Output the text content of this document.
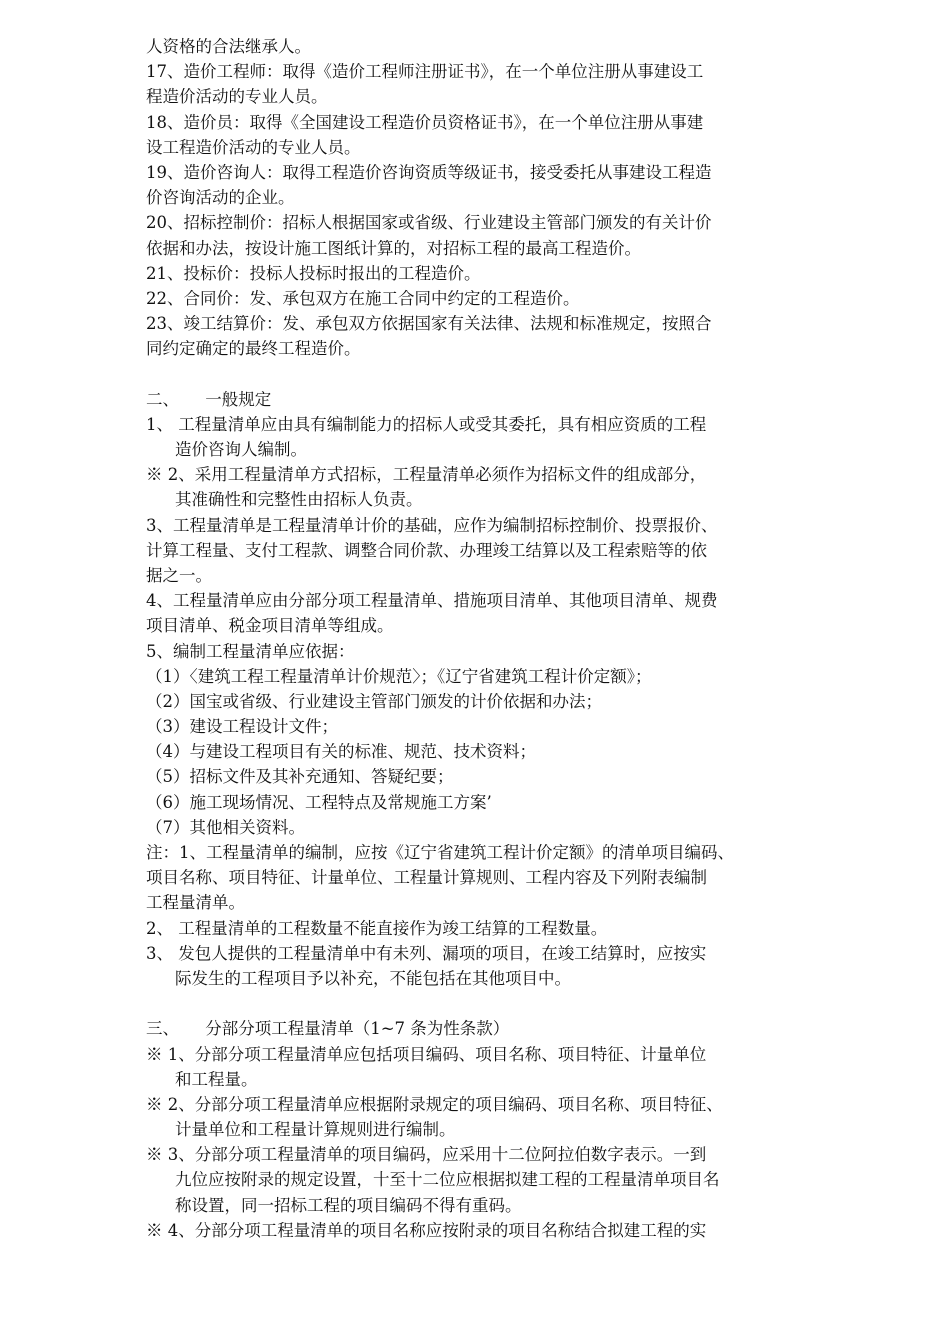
人资格的合法继承人。
17、造价工程师：取得《造价工程师注册证书》，在一个单位注册从事建设工
程造价活动的专业人员。
18、造价员：取得《全国建设工程造价员资格证书》，在一个单位注册从事建
设工程造价活动的专业人员。
19、造价咨询人：取得工程造价咨询资质等级证书，接受委托从事建设工程造
价咨询活动的企业。
20、招标控制价：招标人根据国家或省级、行业建设主管部门颁发的有关计价
依据和办法，按设计施工图纸计算的，对招标工程的最高工程造价。
21、投标价：投标人投标时报出的工程造价。
22、合同价：发、承包双方在施工合同中约定的工程造价。
23、竣工结算价：发、承包双方依据国家有关法律、法规和标准规定，按照合
同约定确定的最终工程造价。
二、     一般规定
1、 工程量清单应由具有编制能力的招标人或受其委托，具有相应资质的工程
造价咨询人编制。
※ 2、采用工程量清单方式招标，工程量清单必须作为招标文件的组成部分，
其准确性和完整性由招标人负责。
3、工程量清单是工程量清单计价的基础，应作为编制招标控制价、投票报价、
计算工程量、支付工程款、调整合同价款、办理竣工结算以及工程索赔等的依
据之一。
4、工程量清单应由分部分项工程量清单、措施项目清单、其他项目清单、规费
项目清单、税金项目清单等组成。
5、编制工程量清单应依据：
（1）〈建筑工程工程量清单计价规范〉；《辽宁省建筑工程计价定额》；
（2）国宝或省级、行业建设主管部门颁发的计价依据和办法；
（3）建设工程设计文件；
（4）与建设工程项目有关的标准、规范、技术资料；
（5）招标文件及其补充通知、答疑纪要；
（6）施工现场情况、工程特点及常规施工方案’
（7）其他相关资料。
注：1、工程量清单的编制，应按《辽宁省建筑工程计价定额》的清单项目编码、
项目名称、项目特征、计量单位、工程量计算规则、工程内容及下列附表编制
工程量清单。
2、 工程量清单的工程数量不能直接作为竣工结算的工程数量。
3、 发包人提供的工程量清单中有未列、漏项的项目，在竣工结算时，应按实
际发生的工程项目予以补充，不能包括在其他项目中。
三、     分部分项工程量清单（1~7 条为性条款）
※ 1、分部分项工程量清单应包括项目编码、项目名称、项目特征、计量单位
和工程量。
※ 2、分部分项工程量清单应根据附录规定的项目编码、项目名称、项目特征、
计量单位和工程量计算规则进行编制。
※ 3、分部分项工程量清单的项目编码，应采用十二位阿拉伯数字表示。一到
九位应按附录的规定设置，十至十二位应根据拟建工程的工程量清单项目名
称设置，同一招标工程的项目编码不得有重码。
※ 4、分部分项工程量清单的项目名称应按附录的项目名称结合拟建工程的实
